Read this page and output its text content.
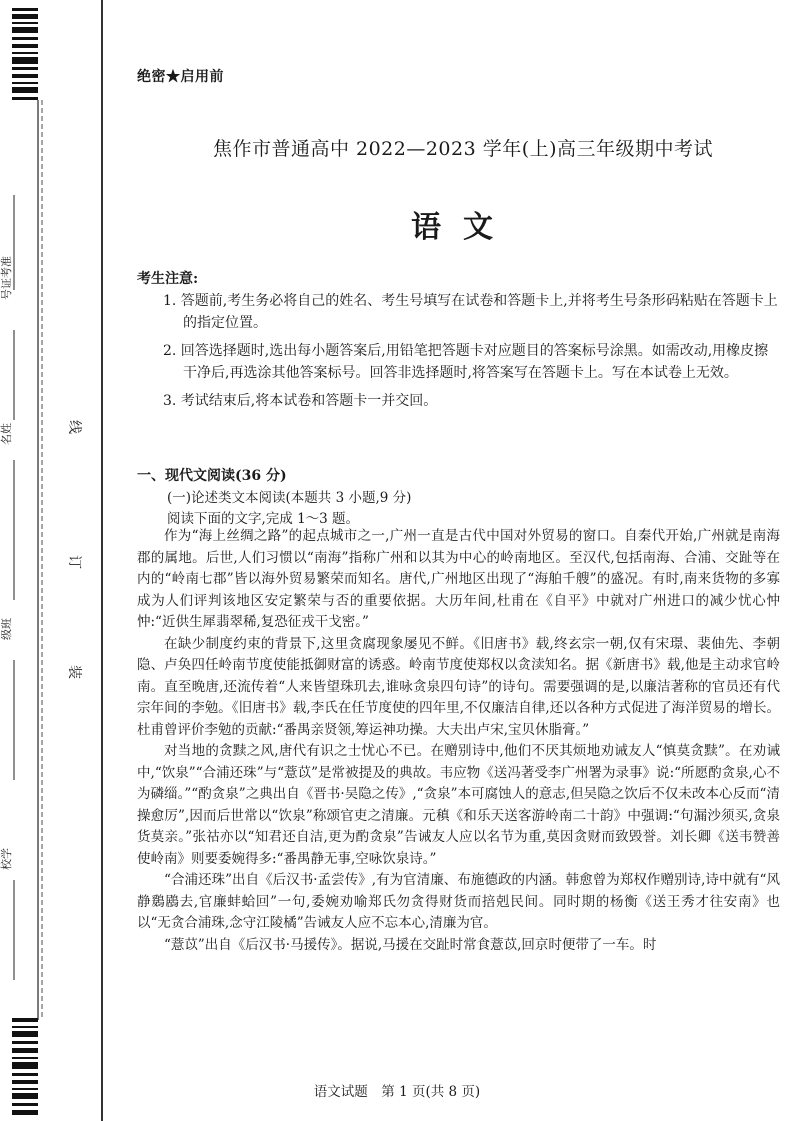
号证考准
名姓
级班
校学
线
订
装
绝密★启用前
焦作市普通高中 2022—2023 学年(上)高三年级期中考试
语文
考生注意:
1. 答题前,考生务必将自己的姓名、考生号填写在试卷和答题卡上,并将考生号条形码粘贴在答题卡上的指定位置。
2. 回答选择题时,选出每小题答案后,用铅笔把答题卡对应题目的答案标号涂黑。如需改动,用橡皮擦干净后,再选涂其他答案标号。回答非选择题时,将答案写在答题卡上。写在本试卷上无效。
3. 考试结束后,将本试卷和答题卡一并交回。
一、现代文阅读(36 分)
(一)论述类文本阅读(本题共 3 小题,9 分)
阅读下面的文字,完成 1～3 题。

作为“海上丝绸之路”的起点城市之一,广州一直是古代中国对外贸易的窗口。自秦代开始,广州就是南海郡的属地。后世,人们习惯以“南海”指称广州和以其为中心的岭南地区。至汉代,包括南海、合浦、交趾等在内的“岭南七郡”皆以海外贸易繁荣而知名。唐代,广州地区出现了“海舶千艘”的盛况。有时,南来货物的多寡成为人们评判该地区安定繁荣与否的重要依据。大历年间,杜甫在《自平》中就对广州进口的减少忧心忡忡:“近供生犀翡翠稀,复恐征戎干戈密。”

在缺少制度约束的背景下,这里贪腐现象屡见不鲜。《旧唐书》载,终玄宗一朝,仅有宋璟、裴伷先、李朝隐、卢奂四任岭南节度使能抵御财富的诱惑。岭南节度使郑权以贪渎知名。据《新唐书》载,他是主动求官岭南。直至晚唐,还流传着“人来皆望珠玑去,谁咏贪泉四句诗”的诗句。需要强调的是,以廉洁著称的官员还有代宗年间的李勉。《旧唐书》载,李氏在任节度使的四年里,不仅廉洁自律,还以各种方式促进了海洋贸易的增长。杜甫曾评价李勉的贡献:“番禺亲贤领,筹运神功操。大夫出卢宋,宝贝休脂膏。”

对当地的贪黩之风,唐代有识之士忧心不已。在赠别诗中,他们不厌其烦地劝诫友人“慎莫贪黩”。在劝诫中,“饮泉”“合浦还珠”与“薏苡”是常被提及的典故。韦应物《送冯著受李广州署为录事》说:“所愿酌贪泉,心不为磷缁。”“酌贪泉”之典出自《晋书·吴隐之传》,“贪泉”本可腐蚀人的意志,但吴隐之饮后不仅未改本心反而“清操愈厉”,因而后世常以“饮泉”称颂官吏之清廉。元稹《和乐天送客游岭南二十韵》中强调:“句漏沙须买,贪泉货莫亲。”张祜亦以“知君还自洁,更为酌贪泉”告诫友人应以名节为重,莫因贪财而致毁誉。刘长卿《送韦赞善使岭南》则要委婉得多:“番禺静无事,空咏饮泉诗。”

“合浦还珠”出自《后汉书·孟尝传》,有为官清廉、布施德政的内涵。韩愈曾为郑权作赠别诗,诗中就有“风静鶢鶋去,官廉蚌蛤回”一句,委婉劝喻郑氏勿贪得财货而掊剋民间。同时期的杨衡《送王秀才往安南》也以“无贪合浦珠,念守江陵橘”告诫友人应不忘本心,清廉为官。

“薏苡”出自《后汉书·马援传》。据说,马援在交趾时常食薏苡,回京时便带了一车。时

语文试题　第 1 页(共 8 页)
